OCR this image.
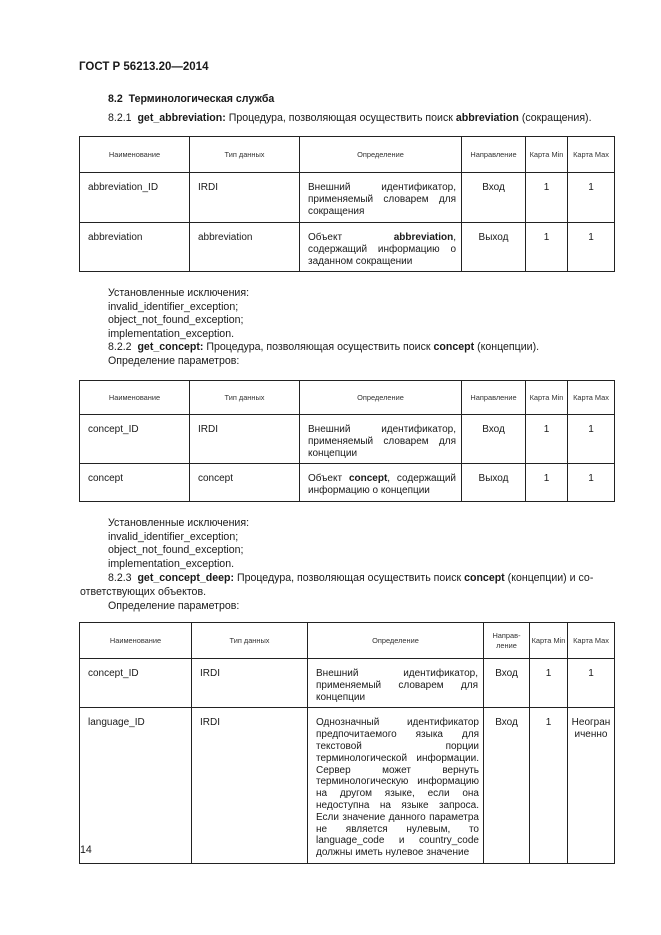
ГОСТ Р 56213.20—2014
8.2 Терминологическая служба
8.2.1 get_abbreviation: Процедура, позволяющая осуществить поиск abbreviation (сокращения).
Наименование	Тип данных	Определение	Направление	Карта Min	Карта Max

abbreviation_ID	IRDI	Внешний идентификатор, применяемый словарем для сокращения	Вход	1	1

abbreviation	abbreviation	Объект abbreviation, содержащий информацию о заданном сокращении	Выход	1	1
Установленные исключения:
invalid_identifier_exception;
object_not_found_exception;
implementation_exception.
8.2.2 get_concept: Процедура, позволяющая осуществить поиск concept (концепции).
Определение параметров:
Наименование	Тип данных	Определение	Направление	Карта Min	Карта Max

concept_ID	IRDI	Внешний идентификатор, применяемый словарем для концепции	Вход	1	1

concept	concept	Объект concept, содержащий информацию о концепции	Выход	1	1
Установленные исключения:
invalid_identifier_exception;
object_not_found_exception;
implementation_exception.
8.2.3 get_concept_deep: Процедура, позволяющая осуществить поиск concept (концепции) и со-
ответствующих объектов.
Определение параметров:
Наименование	Тип данных	Определение	Направ-ление	Карта Min	Карта Max

concept_ID	IRDI	Внешний идентификатор, применяемый словарем для концепции	Вход	1	1

language_ID	IRDI	Однозначный идентификатор предпочитаемого языка для текстовой порции терминологической информации. Сервер может вернуть терминологическую информацию на другом языке, если она недоступна на языке запроса. Если значение данного параметра не является нулевым, то language_code и country_code должны иметь нулевое значение	Вход	1	Неограниченно
14
